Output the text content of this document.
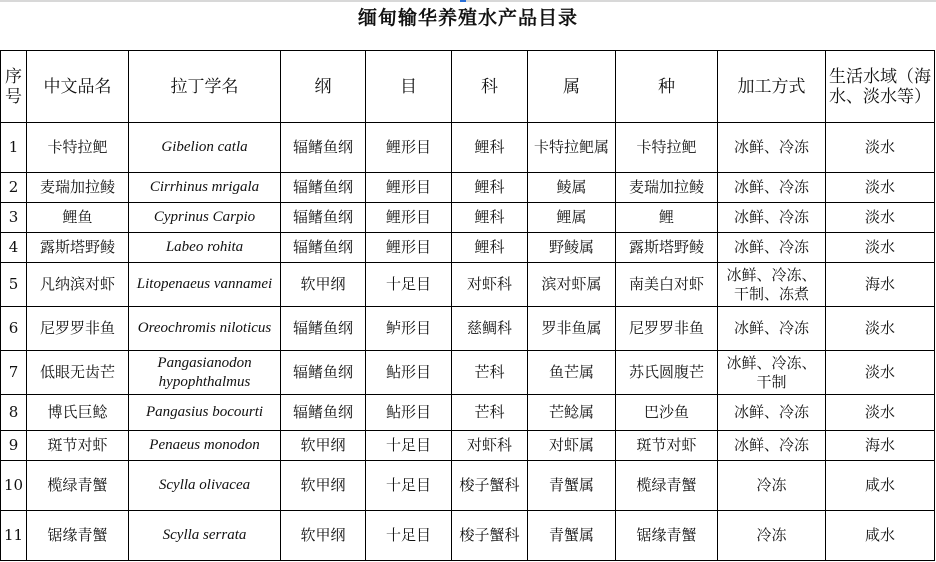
缅甸输华养殖水产品目录
序号	中文品名	拉丁学名	纲	目	科	属	种	加工方式	生活水域（海水、淡水等）
1	卡特拉鲃	Gibelion catla	辐鳍鱼纲	鲤形目	鲤科	卡特拉鲃属	卡特拉鲃	冰鲜、冷冻	淡水
2	麦瑞加拉鲮	Cirrhinus mrigala	辐鳍鱼纲	鲤形目	鲤科	鲮属	麦瑞加拉鲮	冰鲜、冷冻	淡水
3	鲤鱼	Cyprinus Carpio	辐鳍鱼纲	鲤形目	鲤科	鲤属	鲤	冰鲜、冷冻	淡水
4	露斯塔野鲮	Labeo rohita	辐鳍鱼纲	鲤形目	鲤科	野鲮属	露斯塔野鲮	冰鲜、冷冻	淡水
5	凡纳滨对虾	Litopenaeus vannamei	软甲纲	十足目	对虾科	滨对虾属	南美白对虾	冰鲜、冷冻、干制、冻煮	海水
6	尼罗罗非鱼	Oreochromis niloticus	辐鳍鱼纲	鲈形目	慈鲷科	罗非鱼属	尼罗罗非鱼	冰鲜、冷冻	淡水
7	低眼无齿芒	Pangasianodon hypophthalmus	辐鳍鱼纲	鲇形目	芒科	鱼芒属	苏氏圆腹芒	冰鲜、冷冻、干制	淡水
8	博氏巨鲶	Pangasius bocourti	辐鳍鱼纲	鲇形目	芒科	芒鲶属	巴沙鱼	冰鲜、冷冻	淡水
9	斑节对虾	Penaeus monodon	软甲纲	十足目	对虾科	对虾属	斑节对虾	冰鲜、冷冻	海水
10	榄绿青蟹	Scylla olivacea	软甲纲	十足目	梭子蟹科	青蟹属	榄绿青蟹	冷冻	咸水
11	锯缘青蟹	Scylla serrata	软甲纲	十足目	梭子蟹科	青蟹属	锯缘青蟹	冷冻	咸水
